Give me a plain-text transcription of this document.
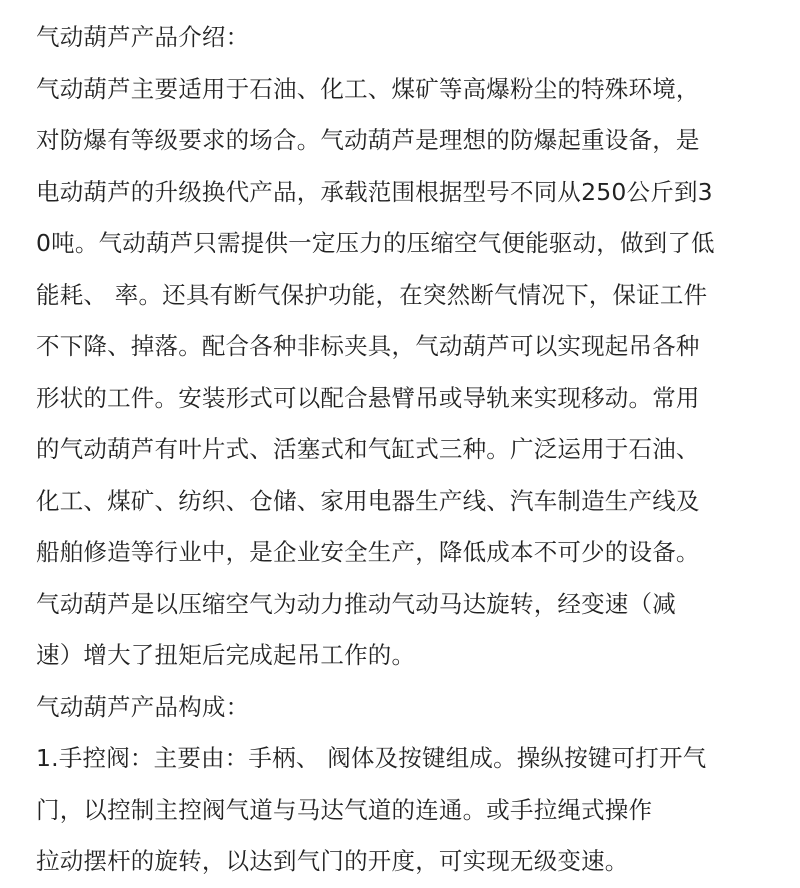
气动葫芦产品介绍：
气动葫芦主要适用于石油、化工、煤矿等高爆粉尘的特殊环境，
对防爆有等级要求的场合。气动葫芦是理想的防爆起重设备，是
电动葫芦的升级换代产品，承载范围根据型号不同从250公斤到3
0吨。气动葫芦只需提供一定压力的压缩空气便能驱动，做到了低
能耗、 率。还具有断气保护功能，在突然断气情况下，保证工件
不下降、掉落。配合各种非标夹具，气动葫芦可以实现起吊各种
形状的工件。安装形式可以配合悬臂吊或导轨来实现移动。常用
的气动葫芦有叶片式、活塞式和气缸式三种。广泛运用于石油、
化工、煤矿、纺织、仓储、家用电器生产线、汽车制造生产线及
船舶修造等行业中，是企业安全生产，降低成本不可少的设备。
气动葫芦是以压缩空气为动力推动气动马达旋转，经变速（减
速）增大了扭矩后完成起吊工作的。
气动葫芦产品构成：
1.手控阀：主要由：手柄、 阀体及按键组成。操纵按键可打开气
门，以控制主控阀气道与马达气道的连通。或手拉绳式操作
拉动摆杆的旋转，以达到气门的开度，可实现无级变速。
